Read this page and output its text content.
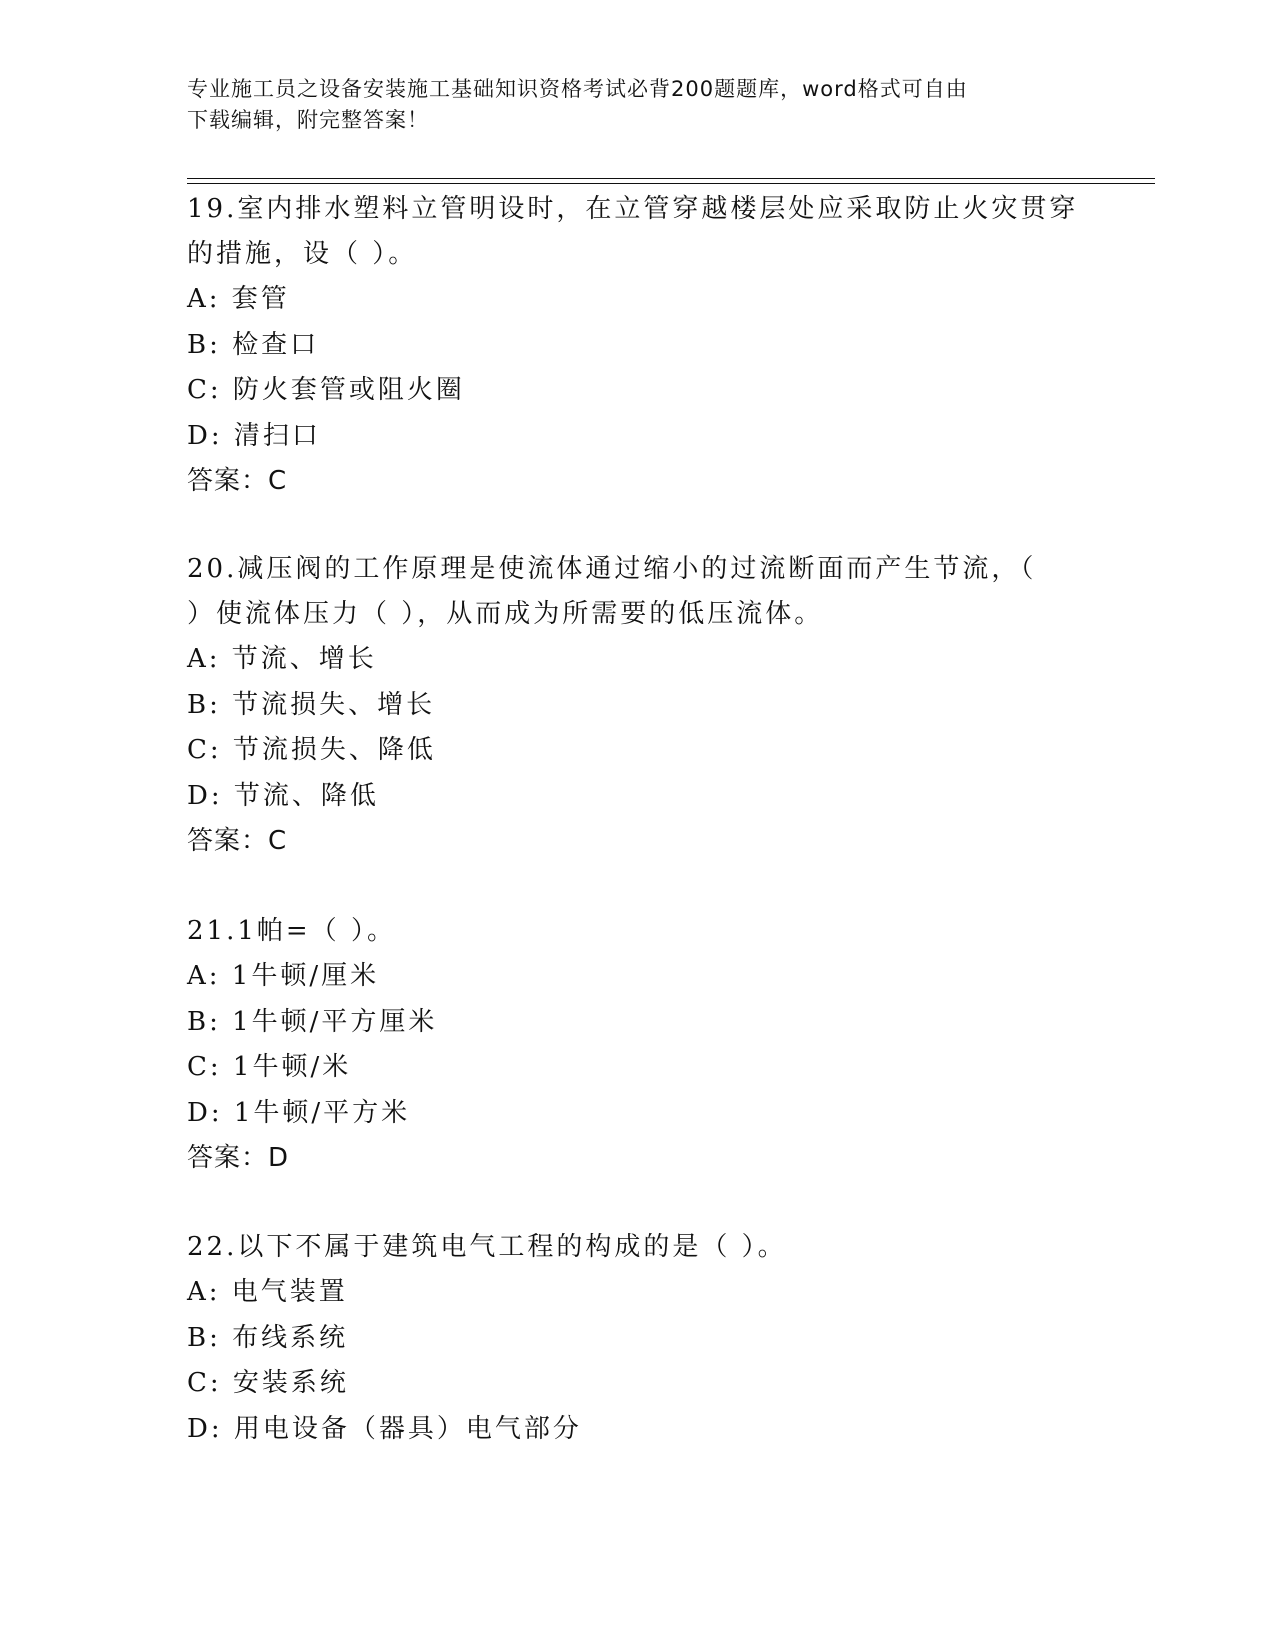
专业施工员之设备安装施工基础知识资格考试必背200题题库，word格式可自由
下载编辑，附完整答案！
19.室内排水塑料立管明设时，在立管穿越楼层处应采取防止火灾贯穿
的措施，设（ ）。
A: 套管
B: 检查口
C: 防火套管或阻火圈
D: 清扫口
答案：C
20.减压阀的工作原理是使流体通过缩小的过流断面而产生节流，（
）使流体压力（ ），从而成为所需要的低压流体。
A: 节流、增长
B: 节流损失、增长
C: 节流损失、降低
D: 节流、降低
答案：C
21.1帕=（ ）。
A: 1牛顿/厘米
B: 1牛顿/平方厘米
C: 1牛顿/米
D: 1牛顿/平方米
答案：D
22.以下不属于建筑电气工程的构成的是（ ）。
A: 电气装置
B: 布线系统
C: 安装系统
D: 用电设备（器具）电气部分
